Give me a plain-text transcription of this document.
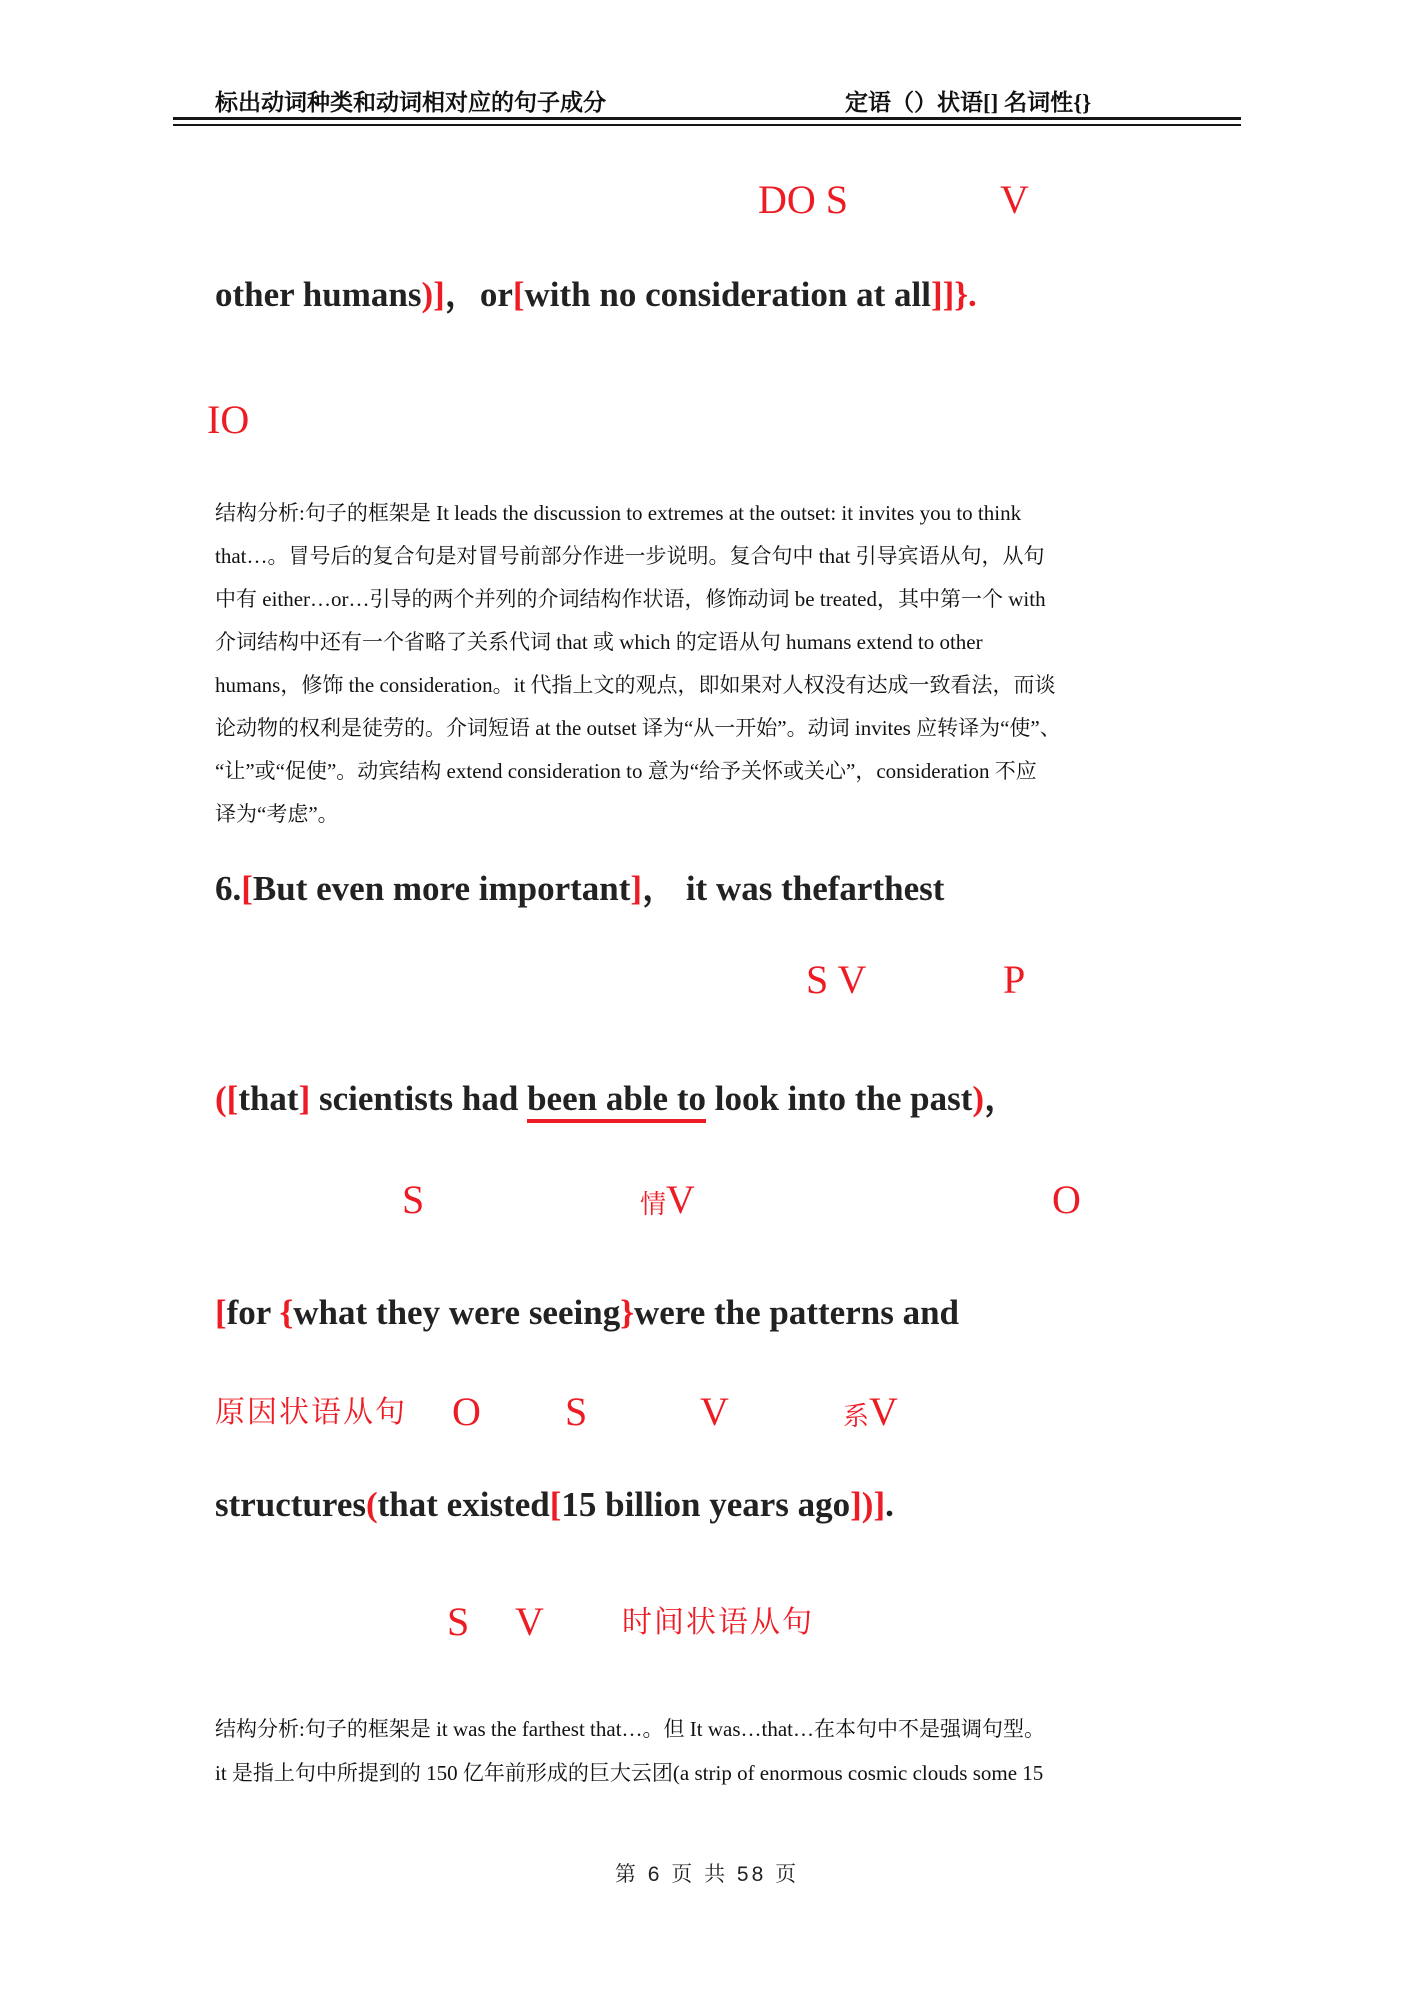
标出动词种类和动词相对应的句子成分	定语（）状语[] 名词性{}
DO S	V
other humans)]，or[with no consideration at all]]}.
IO
结构分析:句子的框架是 It leads the discussion to extremes at the outset: it invites you to think
that…。冒号后的复合句是对冒号前部分作进一步说明。复合句中 that 引导宾语从句，从句
中有 either…or…引导的两个并列的介词结构作状语，修饰动词 be treated，其中第一个 with
介词结构中还有一个省略了关系代词 that 或 which 的定语从句 humans extend to other
humans，修饰 the consideration。it 代指上文的观点，即如果对人权没有达成一致看法，而谈
论动物的权利是徒劳的。介词短语 at the outset 译为“从一开始”。动词 invites 应转译为“使”、
“让”或“促使”。动宾结构 extend consideration to 意为“给予关怀或关心”，consideration 不应
译为“考虑”。
6.[But even more important]， it was thefarthest
S V	P
([that] scientists had been able to look into the past)，
S	情V	O
[for {what they were seeing}were the patterns and
原因状语从句 O S	V	系V
structures(that existed[15 billion years ago])].
S V	时间状语从句
结构分析:句子的框架是 it was the farthest that…。但 It was…that…在本句中不是强调句型。
it 是指上句中所提到的 150 亿年前形成的巨大云团(a strip of enormous cosmic clouds some 15
第 6 页 共 58 页
